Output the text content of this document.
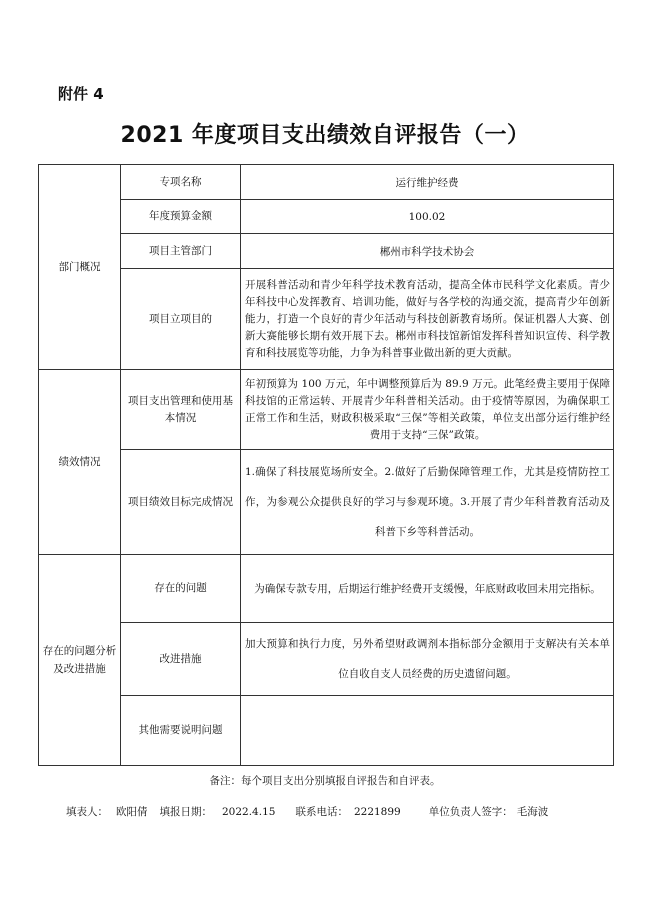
附件 4
2021 年度项目支出绩效自评报告（一）
部门概况	专项名称	运行维护经费
	年度预算金额	100.02
	项目主管部门	郴州市科学技术协会
	项目立项目的	开展科普活动和青少年科学技术教育活动，提高全体市民科学文化素质。青少年科技中心发挥教育、培训功能，做好与各学校的沟通交流，提高青少年创新能力，打造一个良好的青少年活动与科技创新教育场所。保证机器人大赛、创新大赛能够长期有效开展下去。郴州市科技馆新馆发挥科普知识宣传、科学教育和科技展览等功能，力争为科普事业做出新的更大贡献。
绩效情况	项目支出管理和使用基本情况	年初预算为 100 万元，年中调整预算后为 89.9 万元。此笔经费主要用于保障科技馆的正常运转、开展青少年科普相关活动。由于疫情等原因，为确保职工正常工作和生活，财政积极采取“三保”等相关政策，单位支出部分运行维护经费用于支持“三保”政策。
	项目绩效目标完成情况	1.确保了科技展览场所安全。2.做好了后勤保障管理工作，尤其是疫情防控工作，为参观公众提供良好的学习与参观环境。3.开展了青少年科普教育活动及科普下乡等科普活动。
存在的问题分析及改进措施	存在的问题	为确保专款专用，后期运行维护经费开支缓慢，年底财政收回未用完指标。
	改进措施	加大预算和执行力度，另外希望财政调剂本指标部分金额用于支解决有关本单位自收自支人员经费的历史遗留问题。
	其他需要说明问题	
备注：每个项目支出分别填报自评报告和自评表。
填表人： 欧阳倩 填报日期： 2022.4.15 联系电话： 2221899	单位负责人签字： 毛海波
